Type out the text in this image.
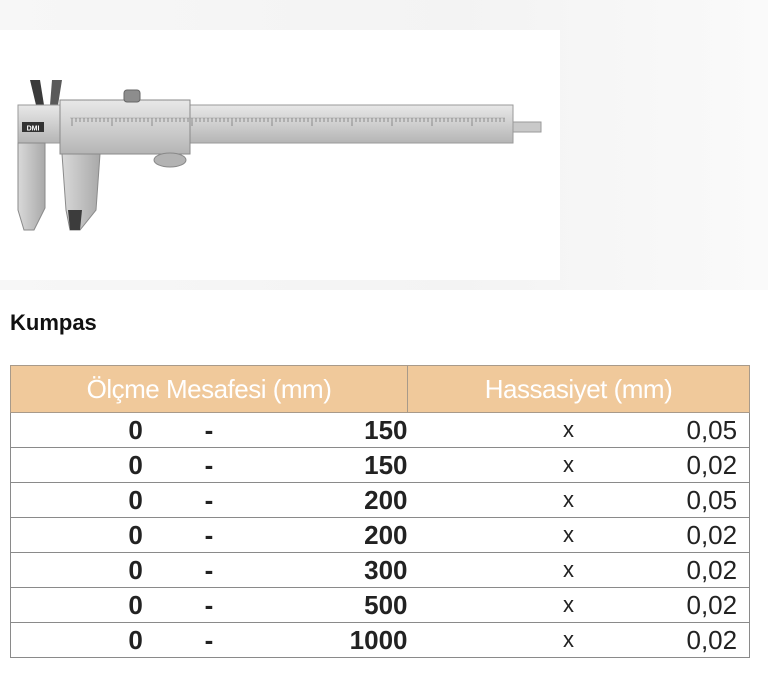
DMI
Kumpas
Ölçme Mesafesi (mm)			Hassasiyet (mm)	
0	-	150	x	0,05
0	-	150	x	0,02
0	-	200	x	0,05
0	-	200	x	0,02
0	-	300	x	0,02
0	-	500	x	0,02
0	-	1000	x	0,02
